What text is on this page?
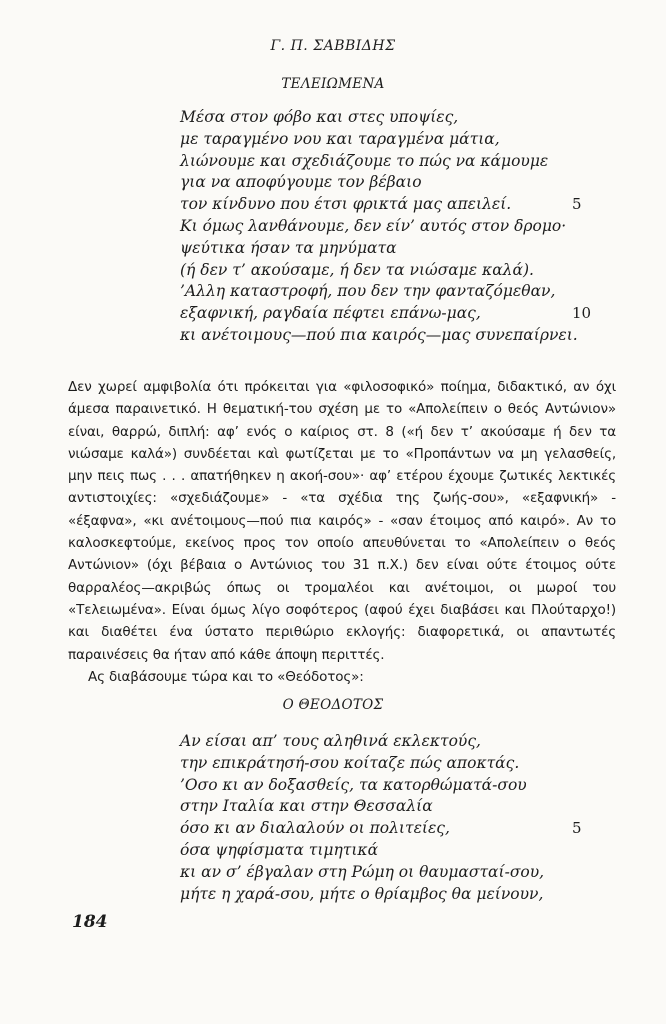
Γ. Π. ΣΑΒΒΙΔΗΣ
ΤΕΛΕΙΩΜΕΝΑ
Μέσα στον φόβο και στες υποψίες,
με ταραγμένο νου και ταραγμένα μάτια,
λιώνουμε και σχεδιάζουμε το πώς να κάμουμε
για να αποφύγουμε τον βέβαιο
τον κίνδυνο που έτσι φρικτά μας απειλεί.	5
Κι όμως λανθάνουμε, δεν είν’ αυτός στον δρομο·
ψεύτικα ήσαν τα μηνύματα
(ή δεν τ’ ακούσαμε, ή δεν τα νιώσαμε καλά).
’Αλλη καταστροφή, που δεν την φανταζόμεθαν,
εξαφνική, ραγδαία πέφτει επάνω-μας,	10
κι ανέτοιμους—πού πια καιρός—μας συνεπαίρνει.

Δεν χωρεί αμφιβολία ότι πρόκειται για «φιλοσοφικό» ποίημα, διδακτικό, αν όχι άμεσα παραινετικό. Η θεματική-του σχέση με το «Απολείπειν ο θεός Αντώνιον» είναι, θαρρώ, διπλή: αφ’ ενός ο καίριος στ. 8 («ή δεν τ’ ακούσαμε ή δεν τα νιώσαμε καλά») συνδέεται καὶ φωτίζεται με το «Προπάντων να μη γελασθείς, μην πεις πως . . . απατήθηκεν η ακοή-σου»· αφ’ ετέρου έχουμε ζωτικές λεκτικές αντιστοιχίες: «σχεδιάζουμε» - «τα σχέδια της ζωής-σου», «εξαφνική» - «έξαφνα», «κι ανέτοιμους—πού πια καιρός» - «σαν έτοιμος από καιρό». Αν το καλοσκεφτούμε, εκείνος προς τον οποίο απευθύνεται το «Απολείπειν ο θεός Αντώνιον» (όχι βέβαια ο Αντώνιος του 31 π.Χ.) δεν είναι ούτε έτοιμος ούτε θαρραλέος—ακριβώς όπως οι τρομαλέοι και ανέτοιμοι, οι μωροί του «Τελειωμένα». Είναι όμως λίγο σοφότερος (αφού έχει διαβάσει και Πλούταρχο!) και διαθέτει ένα ύστατο περιθώριο εκλογής: διαφορετικά, οι απαντωτές παραινέσεις θα ήταν από κάθε άποψη περιττές.

Ας διαβάσουμε τώρα και το «Θεόδοτος»:

Ο ΘΕΟΔΟΤΟΣ
Αν είσαι απ’ τους αληθινά εκλεκτούς,
την επικράτησή-σου κοίταζε πώς αποκτάς.
’Οσο κι αν δοξασθείς, τα κατορθώματά-σου
στην Ιταλία και στην Θεσσαλία
όσο κι αν διαλαλούν οι πολιτείες,	5
όσα ψηφίσματα τιμητικά
κι αν σ’ έβγαλαν στη Ρώμη οι θαυμασταί-σου,
μήτε η χαρά-σου, μήτε ο θρίαμβος θα μείνουν,
184
